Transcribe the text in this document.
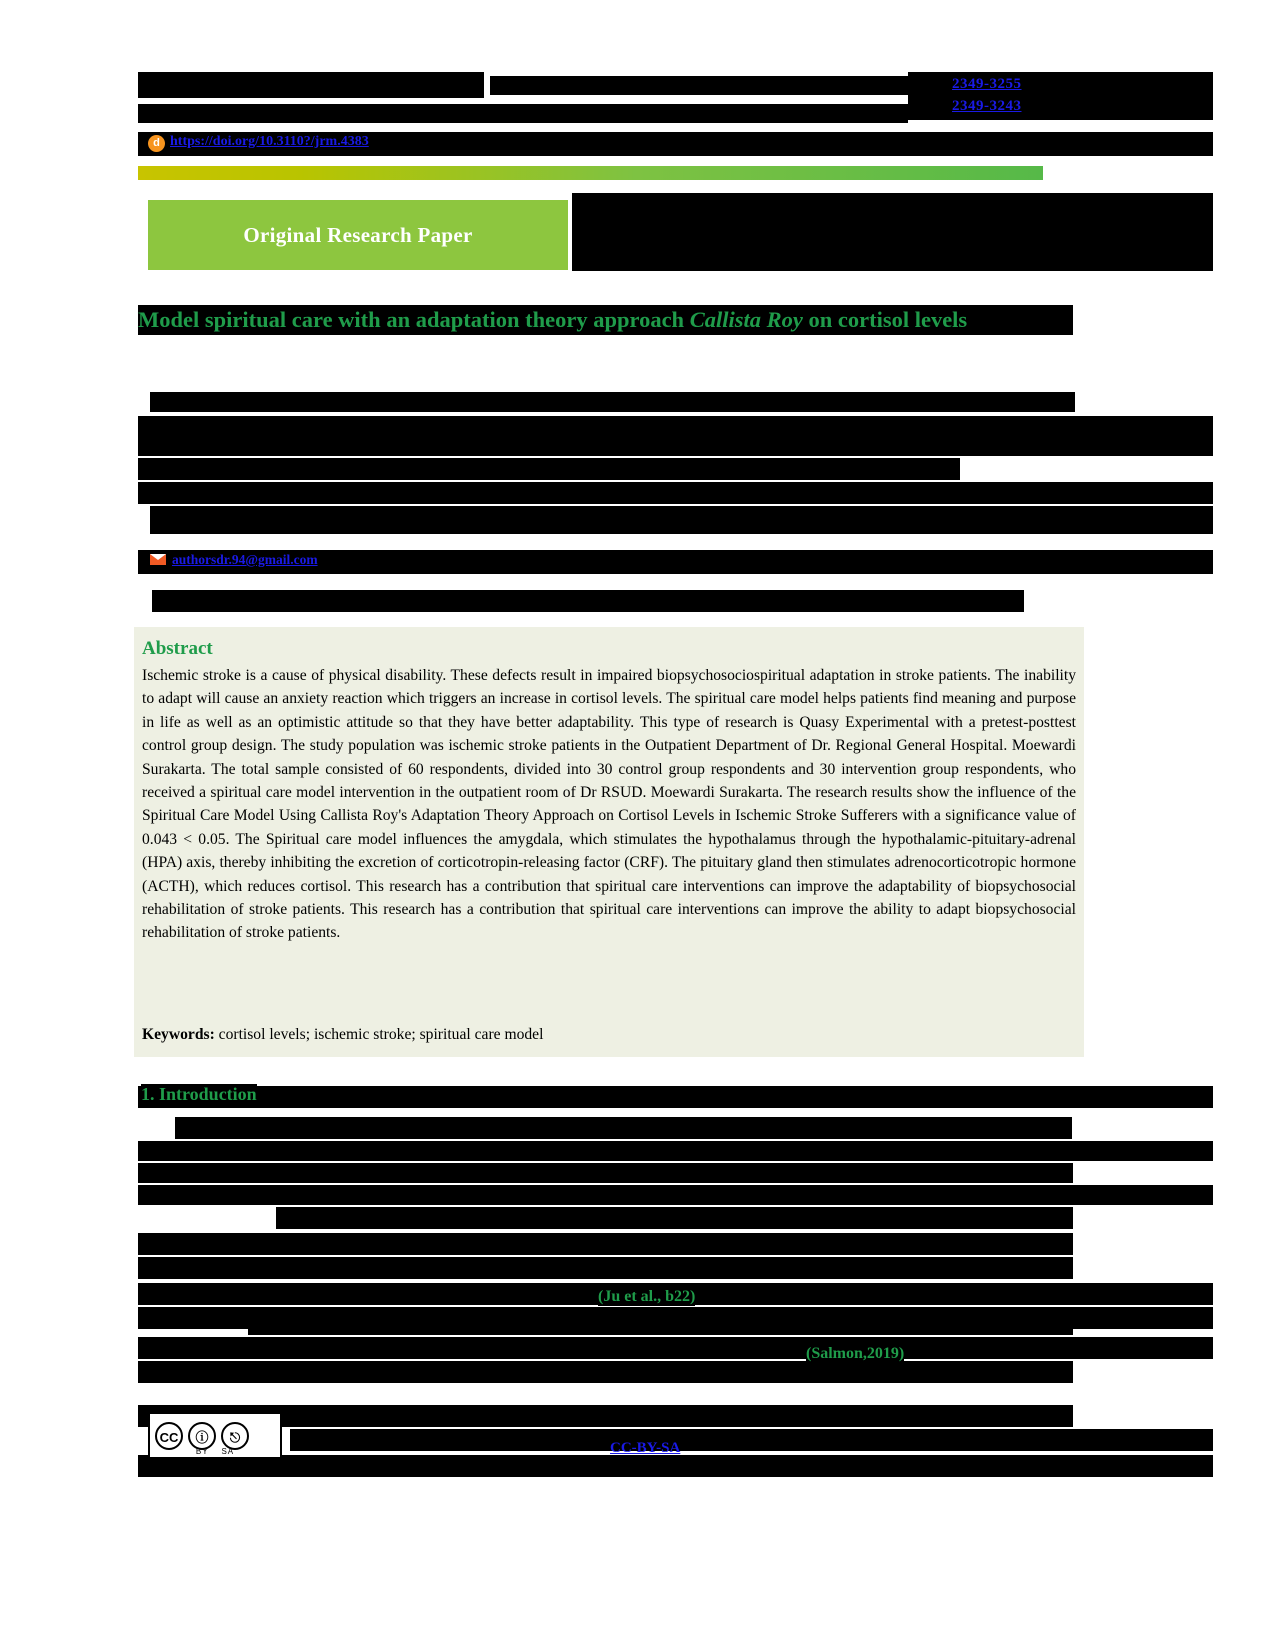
2349-3255
2349-3243
d https://doi.org/10.3110?/jrm.4383
Original Research Paper
Model spiritual care with an adaptation theory approach Callista Roy on cortisol levels
authorsdr.94@gmail.com
Abstract
Ischemic stroke is a cause of physical disability. These defects result in impaired biopsychosociospiritual adaptation in stroke patients. The inability to adapt will cause an anxiety reaction which triggers an increase in cortisol levels. The spiritual care model helps patients find meaning and purpose in life as well as an optimistic attitude so that they have better adaptability. This type of research is Quasy Experimental with a pretest-posttest control group design. The study population was ischemic stroke patients in the Outpatient Department of Dr. Regional General Hospital. Moewardi Surakarta. The total sample consisted of 60 respondents, divided into 30 control group respondents and 30 intervention group respondents, who received a spiritual care model intervention in the outpatient room of Dr RSUD. Moewardi Surakarta. The research results show the influence of the Spiritual Care Model Using Callista Roy's Adaptation Theory Approach on Cortisol Levels in Ischemic Stroke Sufferers with a significance value of 0.043 < 0.05. The Spiritual care model influences the amygdala, which stimulates the hypothalamus through the hypothalamic-pituitary-adrenal (HPA) axis, thereby inhibiting the excretion of corticotropin-releasing factor (CRF). The pituitary gland then stimulates adrenocorticotropic hormone (ACTH), which reduces cortisol. This research has a contribution that spiritual care interventions can improve the adaptability of biopsychosocial rehabilitation of stroke patients. This research has a contribution that spiritual care interventions can improve the ability to adapt biopsychosocial rehabilitation of stroke patients.
Keywords: cortisol levels; ischemic stroke; spiritual care model
1. Introduction
(Ju et al., b22)
(Salmon,2019)
CC	ⓘ	⎋
BY SA	CC-BY-SA
